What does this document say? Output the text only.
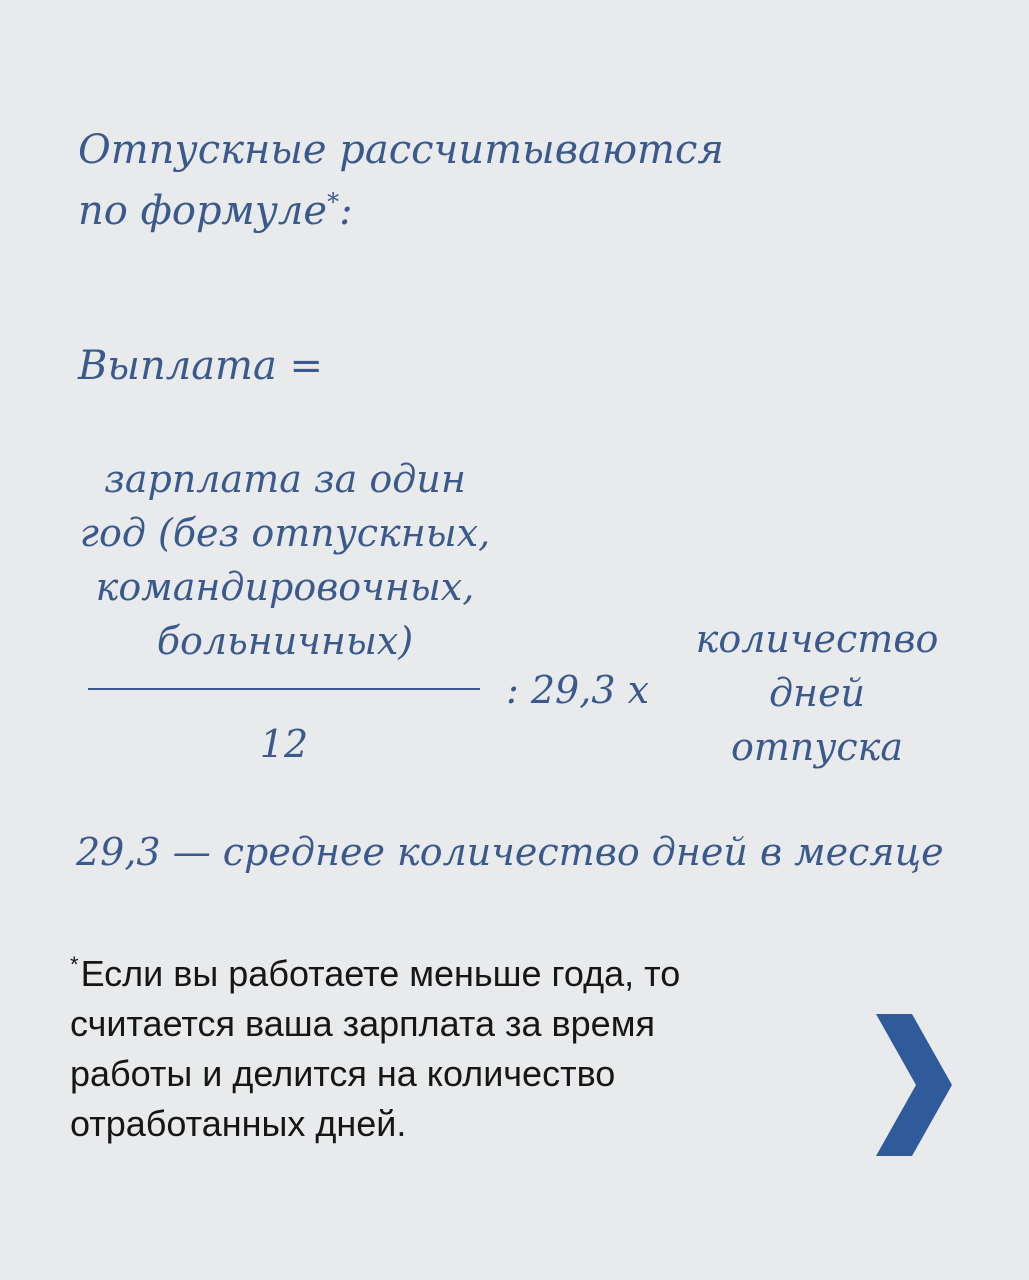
Отпускные рассчитываются
по формуле*:
Выплата =
зарплата за один
год (без отпускных,
командировочных,
больничных)
12
: 29,3 х
количество
дней
отпуска
29,3 — среднее количество дней в месяце
*Если вы работаете меньше года, то
считается ваша зарплата за время
работы и делится на количество
отработанных дней.
